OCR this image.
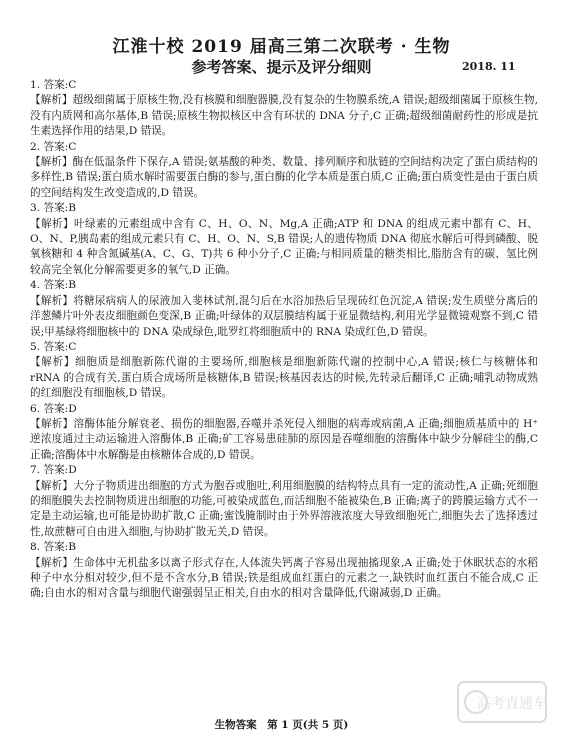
江淮十校 2019 届高三第二次联考 · 生物
参考答案、提示及评分细则	2018. 11

1. 答案:C

【解析】超级细菌属于原核生物,没有核膜和细胞器膜,没有复杂的生物膜系统,A 错误;超级细菌属于原核生物,没有内质网和高尔基体,B 错误;原核生物拟核区中含有环状的 DNA 分子,C 正确;超级细菌耐药性的形成是抗生素选择作用的结果,D 错误。

2. 答案:C

【解析】酶在低温条件下保存,A 错误;氨基酸的种类、数量、排列顺序和肽链的空间结构决定了蛋白质结构的多样性,B 错误;蛋白质水解时需要蛋白酶的参与,蛋白酶的化学本质是蛋白质,C 正确;蛋白质变性是由于蛋白质的空间结构发生改变造成的,D 错误。

3. 答案:B

【解析】叶绿素的元素组成中含有 C、H、O、N、Mg,A 正确;ATP 和 DNA 的组成元素中都有 C、H、O、N、P,胰岛素的组成元素只有 C、H、O、N、S,B 错误;人的遗传物质 DNA 彻底水解后可得到磷酸、脱氧核糖和 4 种含氮碱基(A、C、G、T)共 6 种小分子,C 正确;与相同质量的糖类相比,脂肪含有的碳、氢比例较高完全氧化分解需要更多的氧气,D 正确。

4. 答案:B

【解析】将糖尿病病人的尿液加入斐林试剂,混匀后在水浴加热后呈现砖红色沉淀,A 错误;发生质壁分离后的洋葱鳞片叶外表皮细胞颜色变深,B 正确;叶绿体的双层膜结构属于亚显微结构,利用光学显微镜观察不到,C 错误;甲基绿将细胞核中的 DNA 染成绿色,吡罗红将细胞质中的 RNA 染成红色,D 错误。

5. 答案:C

【解析】细胞质是细胞新陈代谢的主要场所,细胞核是细胞新陈代谢的控制中心,A 错误;核仁与核糖体和 rRNA 的合成有关,蛋白质合成场所是核糖体,B 错误;核基因表达的时候,先转录后翻译,C 正确;哺乳动物成熟的红细胞没有细胞核,D 错误。

6. 答案:D

【解析】溶酶体能分解衰老、损伤的细胞器,吞噬并杀死侵入细胞的病毒或病菌,A 正确;细胞质基质中的 H⁺ 逆浓度通过主动运输进入溶酶体,B 正确;矿工容易患硅肺的原因是吞噬细胞的溶酶体中缺少分解硅尘的酶,C 正确;溶酶体中水解酶是由核糖体合成的,D 错误。

7. 答案:D

【解析】大分子物质进出细胞的方式为胞吞或胞吐,利用细胞膜的结构特点具有一定的流动性,A 正确;死细胞的细胞膜失去控制物质进出细胞的功能,可被染成蓝色,而活细胞不能被染色,B 正确;离子的跨膜运输方式不一定是主动运输,也可能是协助扩散,C 正确;蜜饯腌制时由于外界溶液浓度大导致细胞死亡,细胞失去了选择透过性,故蔗糖可自由进入细胞,与协助扩散无关,D 错误。

8. 答案:B

【解析】生命体中无机盐多以离子形式存在,人体流失钙离子容易出现抽搐现象,A 正确;处于休眠状态的水稻种子中水分相对较少,但不是不含水分,B 错误;铁是组成血红蛋白的元素之一,缺铁时血红蛋白不能合成,C 正确;自由水的相对含量与细胞代谢强弱呈正相关,自由水的相对含量降低,代谢减弱,D 正确。

高考直通车
生物答案　第 1 页(共 5 页)
